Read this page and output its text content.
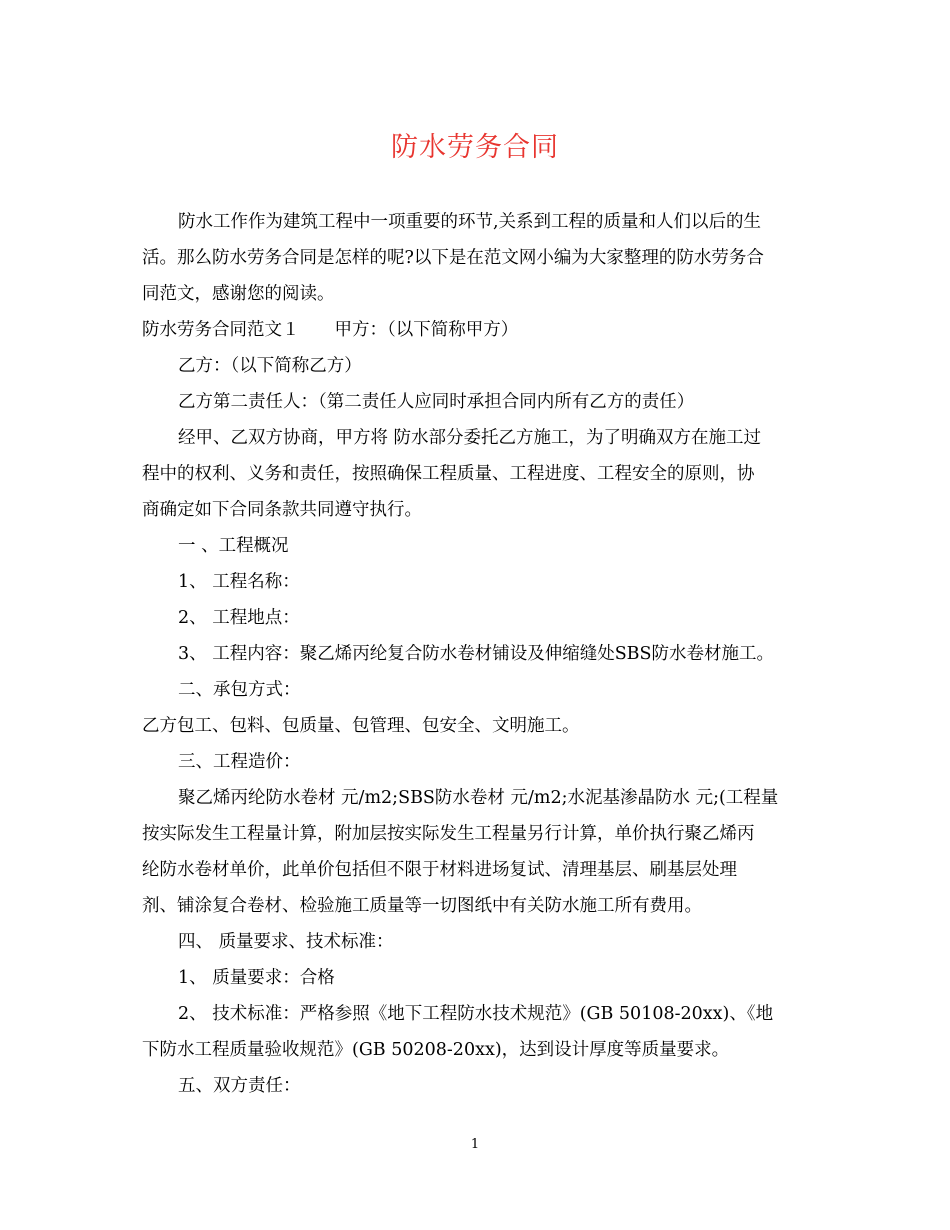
防水劳务合同

防水工作作为建筑工程中一项重要的环节,关系到工程的质量和人们以后的生
活。那么防水劳务合同是怎样的呢?以下是在范文网小编为大家整理的防水劳务合
同范文，感谢您的阅读。

防水劳务合同范文１　　甲方：（以下简称甲方）

乙方：（以下简称乙方）

乙方第二责任人：（第二责任人应同时承担合同内所有乙方的责任）

经甲、乙双方协商，甲方将 防水部分委托乙方施工，为了明确双方在施工过
程中的权利、义务和责任，按照确保工程质量、工程进度、工程安全的原则，协
商确定如下合同条款共同遵守执行。

一 、工程概况
1、 工程名称：
2、 工程地点：
3、 工程内容：聚乙烯丙纶复合防水卷材铺设及伸缩缝处SBS防水卷材施工。

二、承包方式：
乙方包工、包料、包质量、包管理、包安全、文明施工。

三、工程造价：
聚乙烯丙纶防水卷材 元/m2;SBS防水卷材 元/m2;水泥基渗晶防水 元;(工程量
按实际发生工程量计算，附加层按实际发生工程量另行计算，单价执行聚乙烯丙
纶防水卷材单价，此单价包括但不限于材料进场复试、清理基层、刷基层处理
剂、铺涂复合卷材、检验施工质量等一切图纸中有关防水施工所有费用。

四、 质量要求、技术标准：
1、 质量要求：合格
2、 技术标准：严格参照《地下工程防水技术规范》(GB 50108-20xx)、《地
下防水工程质量验收规范》(GB 50208-20xx)，达到设计厚度等质量要求。

五、双方责任：

1
